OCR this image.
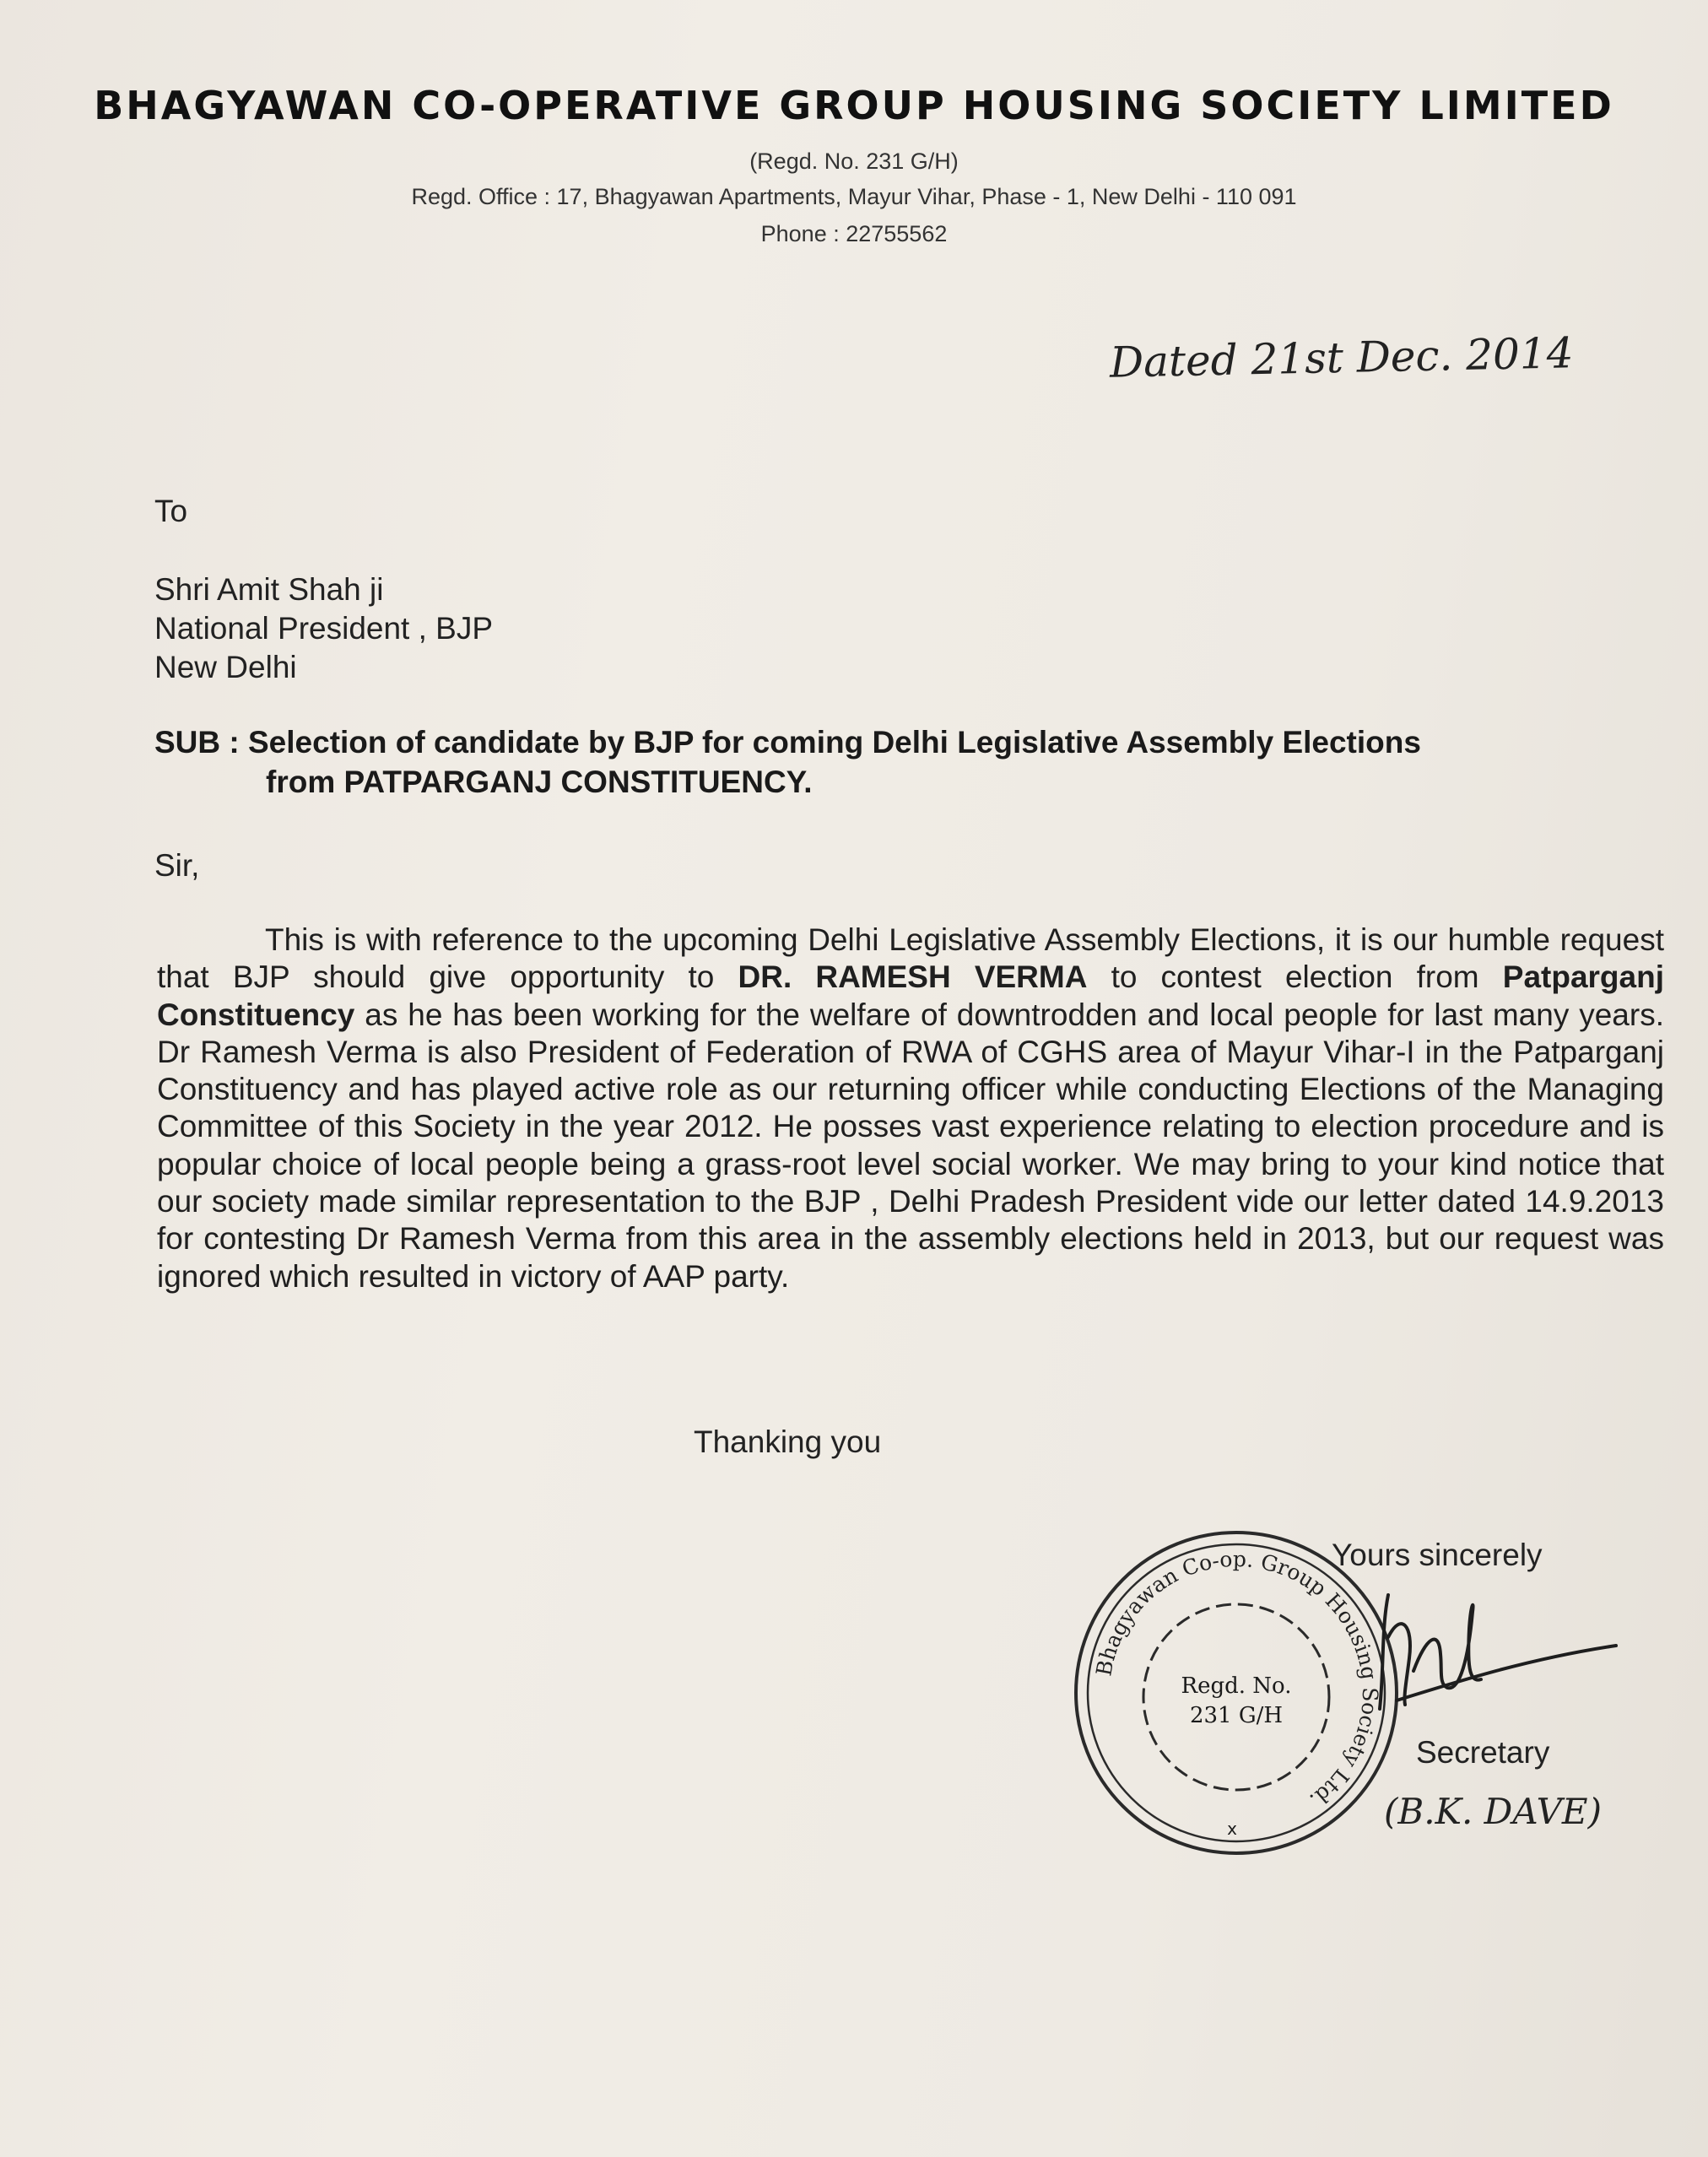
BHAGYAWAN CO-OPERATIVE GROUP HOUSING SOCIETY LIMITED
(Regd. No. 231 G/H)
Regd. Office : 17, Bhagyawan Apartments, Mayur Vihar, Phase - 1, New Delhi - 110 091
Phone : 22755562
Dated 21st Dec. 2014
To
Shri Amit Shah ji
National President , BJP
New Delhi
SUB : Selection of candidate by BJP for coming Delhi Legislative Assembly Elections
from PATPARGANJ CONSTITUENCY.
Sir,
This is with reference to the upcoming Delhi Legislative Assembly Elections, it is our humble request that BJP should give opportunity to DR. RAMESH VERMA to contest election from Patparganj Constituency as he has been working for the welfare of downtrodden and local people for last many years. Dr Ramesh Verma is also President of Federation of RWA of CGHS area of Mayur Vihar-I in the Patparganj Constituency and has played active role as our returning officer while conducting Elections of the Managing Committee of this Society in the year 2012. He posses vast experience relating to election procedure and is popular choice of local people being a grass-root level social worker. We may bring to your kind notice that our society made similar representation to the BJP , Delhi Pradesh President vide our letter dated 14.9.2013 for contesting Dr Ramesh Verma from this area in the assembly elections held in 2013, but our request was ignored which resulted in victory of AAP party.
Thanking you
Yours sincerely
Bhagyawan Co-op. Group Housing Society Ltd.
Regd. No.
231 G/H
x
Secretary
(B.K. DAVE)
